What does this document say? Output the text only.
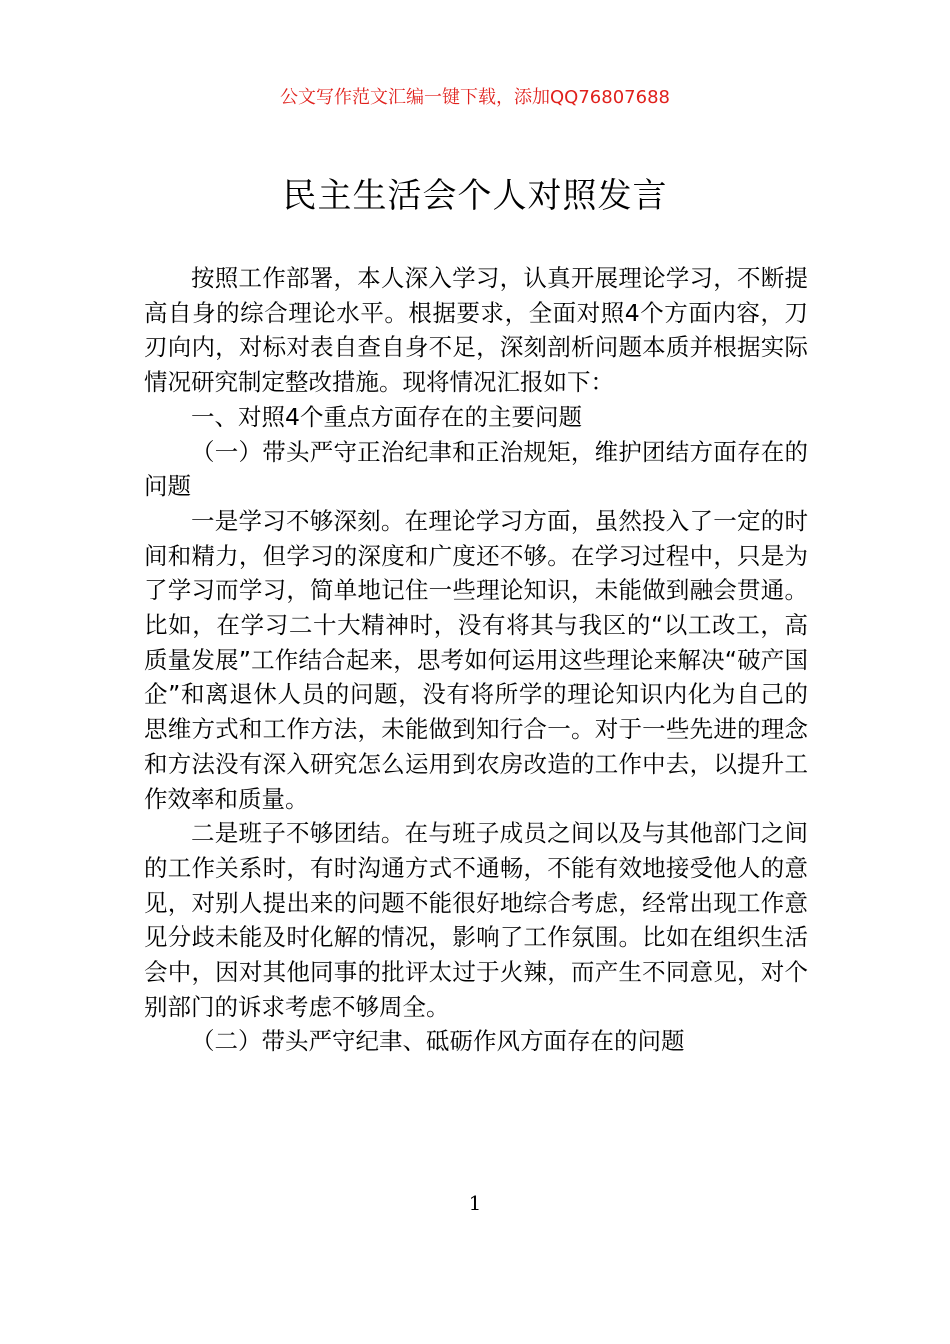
公文写作范文汇编一键下载，添加QQ76807688
民主生活会个人对照发言

按照工作部署，本人深入学习，认真开展理论学习，不断提高自身的综合理论水平。根据要求，全面对照4个方面内容，刀刃向内，对标对表自查自身不足，深刻剖析问题本质并根据实际情况研究制定整改措施。现将情况汇报如下：

一、对照4个重点方面存在的主要问题

（一）带头严守正治纪聿和正治规矩，维护团结方面存在的问题

一是学习不够深刻。在理论学习方面，虽然投入了一定的时间和精力，但学习的深度和广度还不够。在学习过程中，只是为了学习而学习，简单地记住一些理论知识，未能做到融会贯通。比如，在学习二十大精神时，没有将其与我区的“以工改工，高质量发展”工作结合起来，思考如何运用这些理论来解决“破产国企”和离退休人员的问题，没有将所学的理论知识内化为自己的思维方式和工作方法，未能做到知行合一。对于一些先进的理念和方法没有深入研究怎么运用到农房改造的工作中去，以提升工作效率和质量。

二是班子不够团结。在与班子成员之间以及与其他部门之间的工作关系时，有时沟通方式不通畅，不能有效地接受他人的意见，对别人提出来的问题不能很好地综合考虑，经常出现工作意见分歧未能及时化解的情况，影响了工作氛围。比如在组织生活会中，因对其他同事的批评太过于火辣，而产生不同意见，对个别部门的诉求考虑不够周全。

（二）带头严守纪聿、砥砺作风方面存在的问题

1
